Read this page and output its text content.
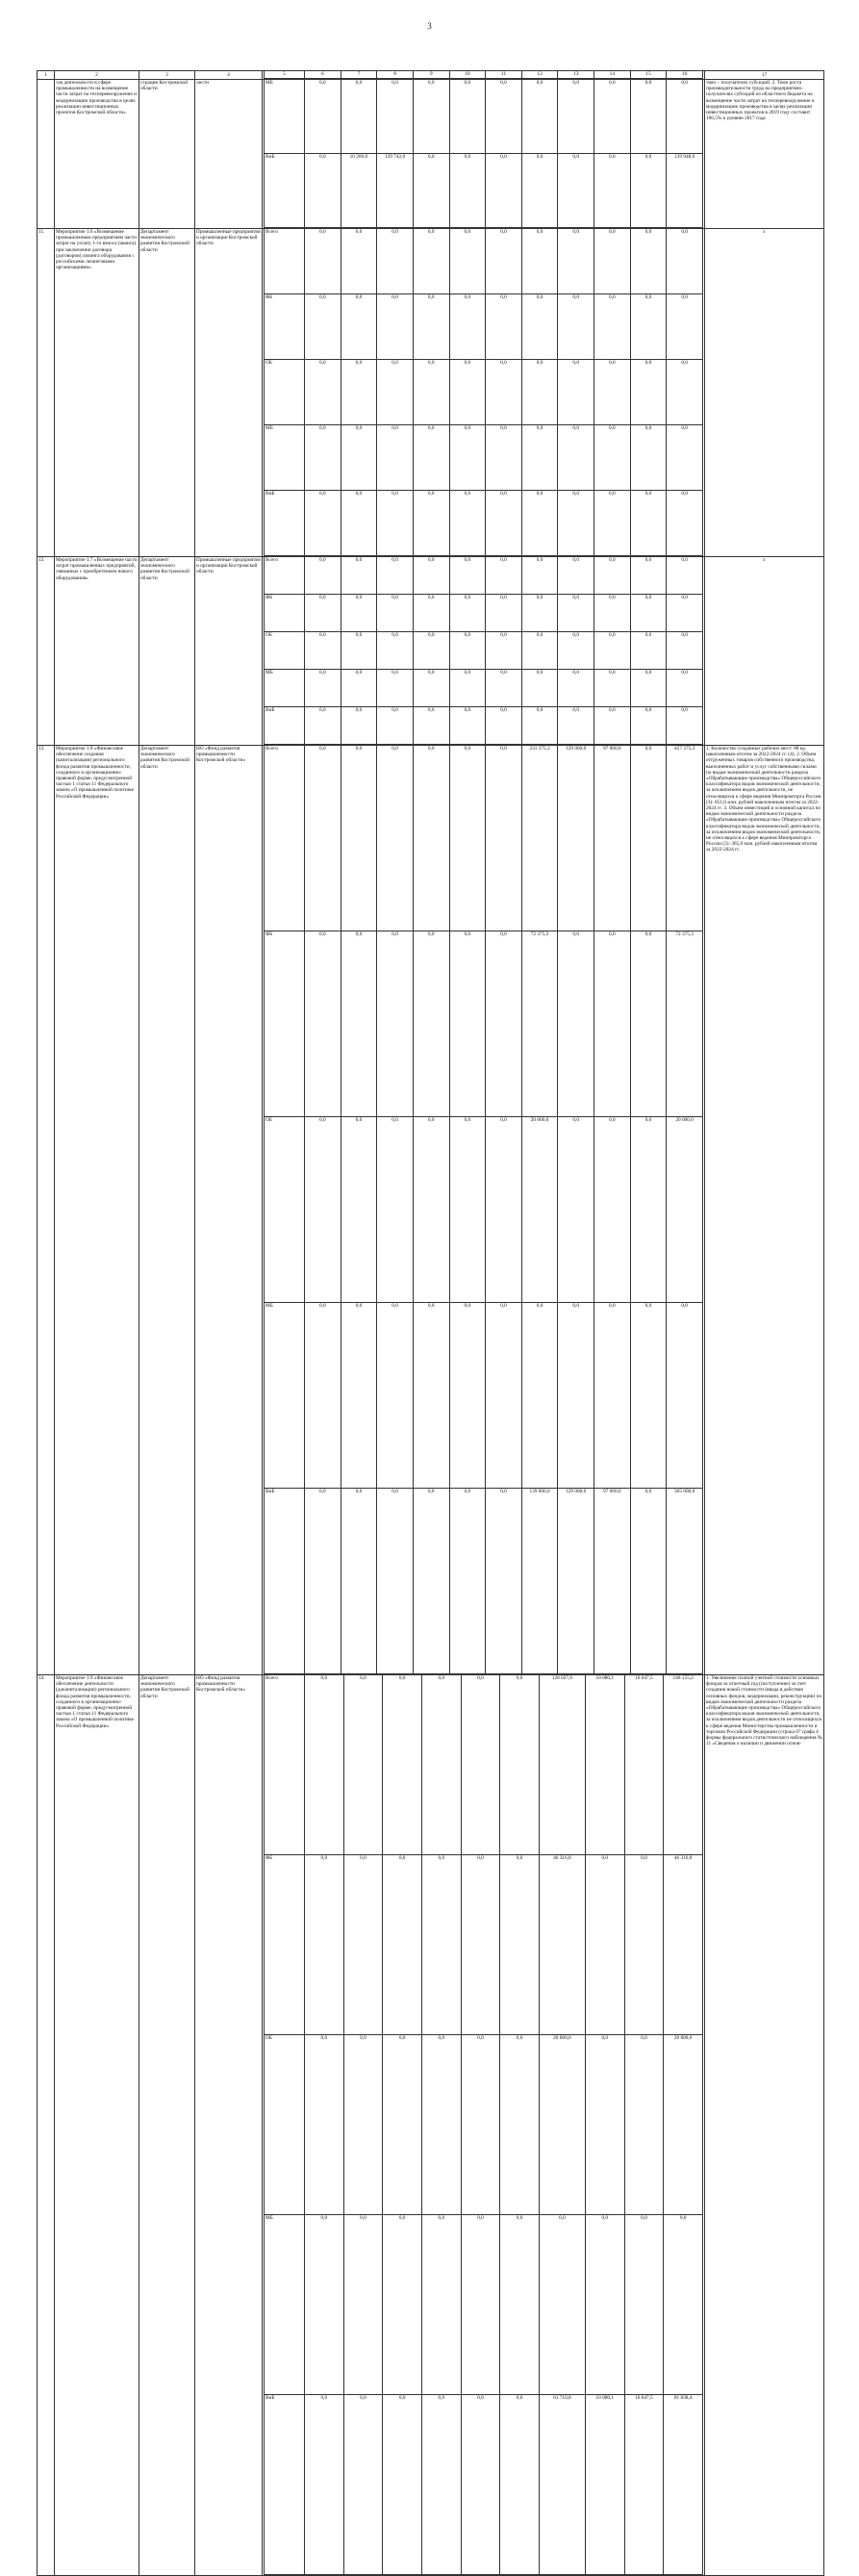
3
1	2	3	4		5	6	7	8	9	10	11	12	13	14	15	16
		17
	так деятельности в сфере промышленности на возмещение части затрат на техперевооружение и модернизацию производства в целях реализации инвестиционных проектов Костромской области»	страции Костромской области	листи		МБ	0,0	0,0	0,0	0,0	0,0	0,0	0,0	0,0	0,0	0,0	0,0
ВнБ	0,0	10 206,0	129 742,0	0,0	0,0	0,0	0,0	0,0	0,0	0,0	139 948,0
	тиях – получателях субсидий. 2. Темп роста производительности труда на предприятиях-получателях субсидий из областного бюджета на возмещение части затрат на техперевооружение и модернизацию производства в целях реализации инвестиционных проектов в 2019 году составит 106,5% к уровню 2017 года
11.	Мероприятие 1.6 «Возмещение промышленным предприятиям части затрат на уплату 1-го взноса (аванса) при заключении договора (договоров) лизинга оборудования с российскими лизинговыми организациями»	Департамент экономического развития Костромской области	Промышленные предприятия и организации Костромской области	
Всего	0,0	0,0	0,0	0,0	0,0	0,0	0,0	0,0	0,0	0,0	0,0
ФБ	0,0	0,0	0,0	0,0	0,0	0,0	0,0	0,0	0,0	0,0	0,0
ОБ	0,0	0,0	0,0	0,0	0,0	0,0	0,0	0,0	0,0	0,0	0,0
МБ	0,0	0,0	0,0	0,0	0,0	0,0	0,0	0,0	0,0	0,0	0,0
ВнБ	0,0	0,0	0,0	0,0	0,0	0,0	0,0	0,0	0,0	0,0	0,0
	х
12.	Мероприятие 1.7 «Возмещение части затрат промышленных предприятий, связанных с приобретением нового оборудования»	Департамент экономического развития Костромской области	Промышленные предприятия и организации Костромской области	
Всего	0,0	0,0	0,0	0,0	0,0	0,0	0,0	0,0	0,0	0,0	0,0
ФБ	0,0	0,0	0,0	0,0	0,0	0,0	0,0	0,0	0,0	0,0	0,0
ОБ	0,0	0,0	0,0	0,0	0,0	0,0	0,0	0,0	0,0	0,0	0,0
МБ	0,0	0,0	0,0	0,0	0,0	0,0	0,0	0,0	0,0	0,0	0,0
ВнБ	0,0	0,0	0,0	0,0	0,0	0,0	0,0	0,0	0,0	0,0	0,0
	х
13.	Мероприятие 1.8 «Финансовое обеспечение создания (капитализации) регионального фонда развития промышленности, созданного в организационно-правовой форме, предусмотренной частью 1 статьи 11 Федерального закона «О промышленной политике Российской Федерации»	Департамент экономического развития Костромской области	НО «Фонд развития промышленности Костромской области»	
Всего	0,0	0,0	0,0	0,0	0,0	0,0	231 375,3	129 000,0	97 000,0	0,0	457 375,3
ФБ	0,0	0,0	0,0	0,0	0,0	0,0	72 375,3	0,0	0,0	0,0	72 375,3
ОБ	0,0	0,0	0,0	0,0	0,0	0,0	20 000,0	0,0	0,0	0,0	20 000,0
МБ	0,0	0,0	0,0	0,0	0,0	0,0	0,0	0,0	0,0	0,0	0,0
ВнБ	0,0	0,0	0,0	0,0	0,0	0,0	139 000,0	129 000,0	97 000,0	0,0	365 000,0
	1. Количество созданных рабочих мест: 88 ед. накопленным итогом за 2022-2024 гг. (4). 2. Объем отгруженных товаров собственного производства, выполненных работ и услуг собственными силами по видам экономической деятельности раздела «Обрабатывающие производства» Общероссийского классификатора видов экономической деятельности, за исключением видов деятельности, не относящихся к сфере ведения Минпромторга России (3): 851,0 млн. рублей накопленным итогом за 2022-2024 гг. 3. Объем инвестиций в основной капитал по видам экономической деятельности раздела «Обрабатывающие производства» Общероссийского классификатора видов экономической деятельности, за исключением видов экономической деятельности, не относящихся к сфере ведения Минпромторга России (3): 365,0 млн. рублей накопленным итогом за 2022-2024 гг.
14.	Мероприятие 1.9 «Финансовое обеспечение деятельности (докапитализации) регионального фонда развития промышленности, созданного в организационно-правовой форме, предусмотренной частью 1 статьи 11 Федерального закона «О промышленной политике Российской Федерации»	Департамент экономического развития Костромской области	НО «Фонд развития промышленности Костромской области»	
Всего	0,0	0,0	0,0	0,0	0,0	0,0	128 027,6	10 080,1	10 047,5	148 155,2
ФБ	0,0	0,0	0,0	0,0	0,0	0,0	46 316,8	0,0	0,0	46 316,8
ОБ	0,0	0,0	0,0	0,0	0,0	0,0	20 000,0	0,0	0,0	20 000,0
МБ	0,0	0,0	0,0	0,0	0,0	0,0	0,0	0,0	0,0	0,0
ВнБ	0,0	0,0	0,0	0,0	0,0	0,0	61 710,8	10 080,1	10 047,5	81 838,4
	1. Увеличение полной учетной стоимости основных фондов за отчетный год (поступление) за счет создания новой стоимости (ввода в действие основных фондов, модернизации, реконструкции) по видам экономической деятельности раздела «Обрабатывающие производства» Общероссийского классификатора видов экономической деятельности, за исключением видов деятельности не относящихся к сфере ведения Министерства промышленности и торговли Российской Федерации (строка 07 графа 4 формы федерального статистического наблюдения № 11 «Сведения о наличии и движении основ-
